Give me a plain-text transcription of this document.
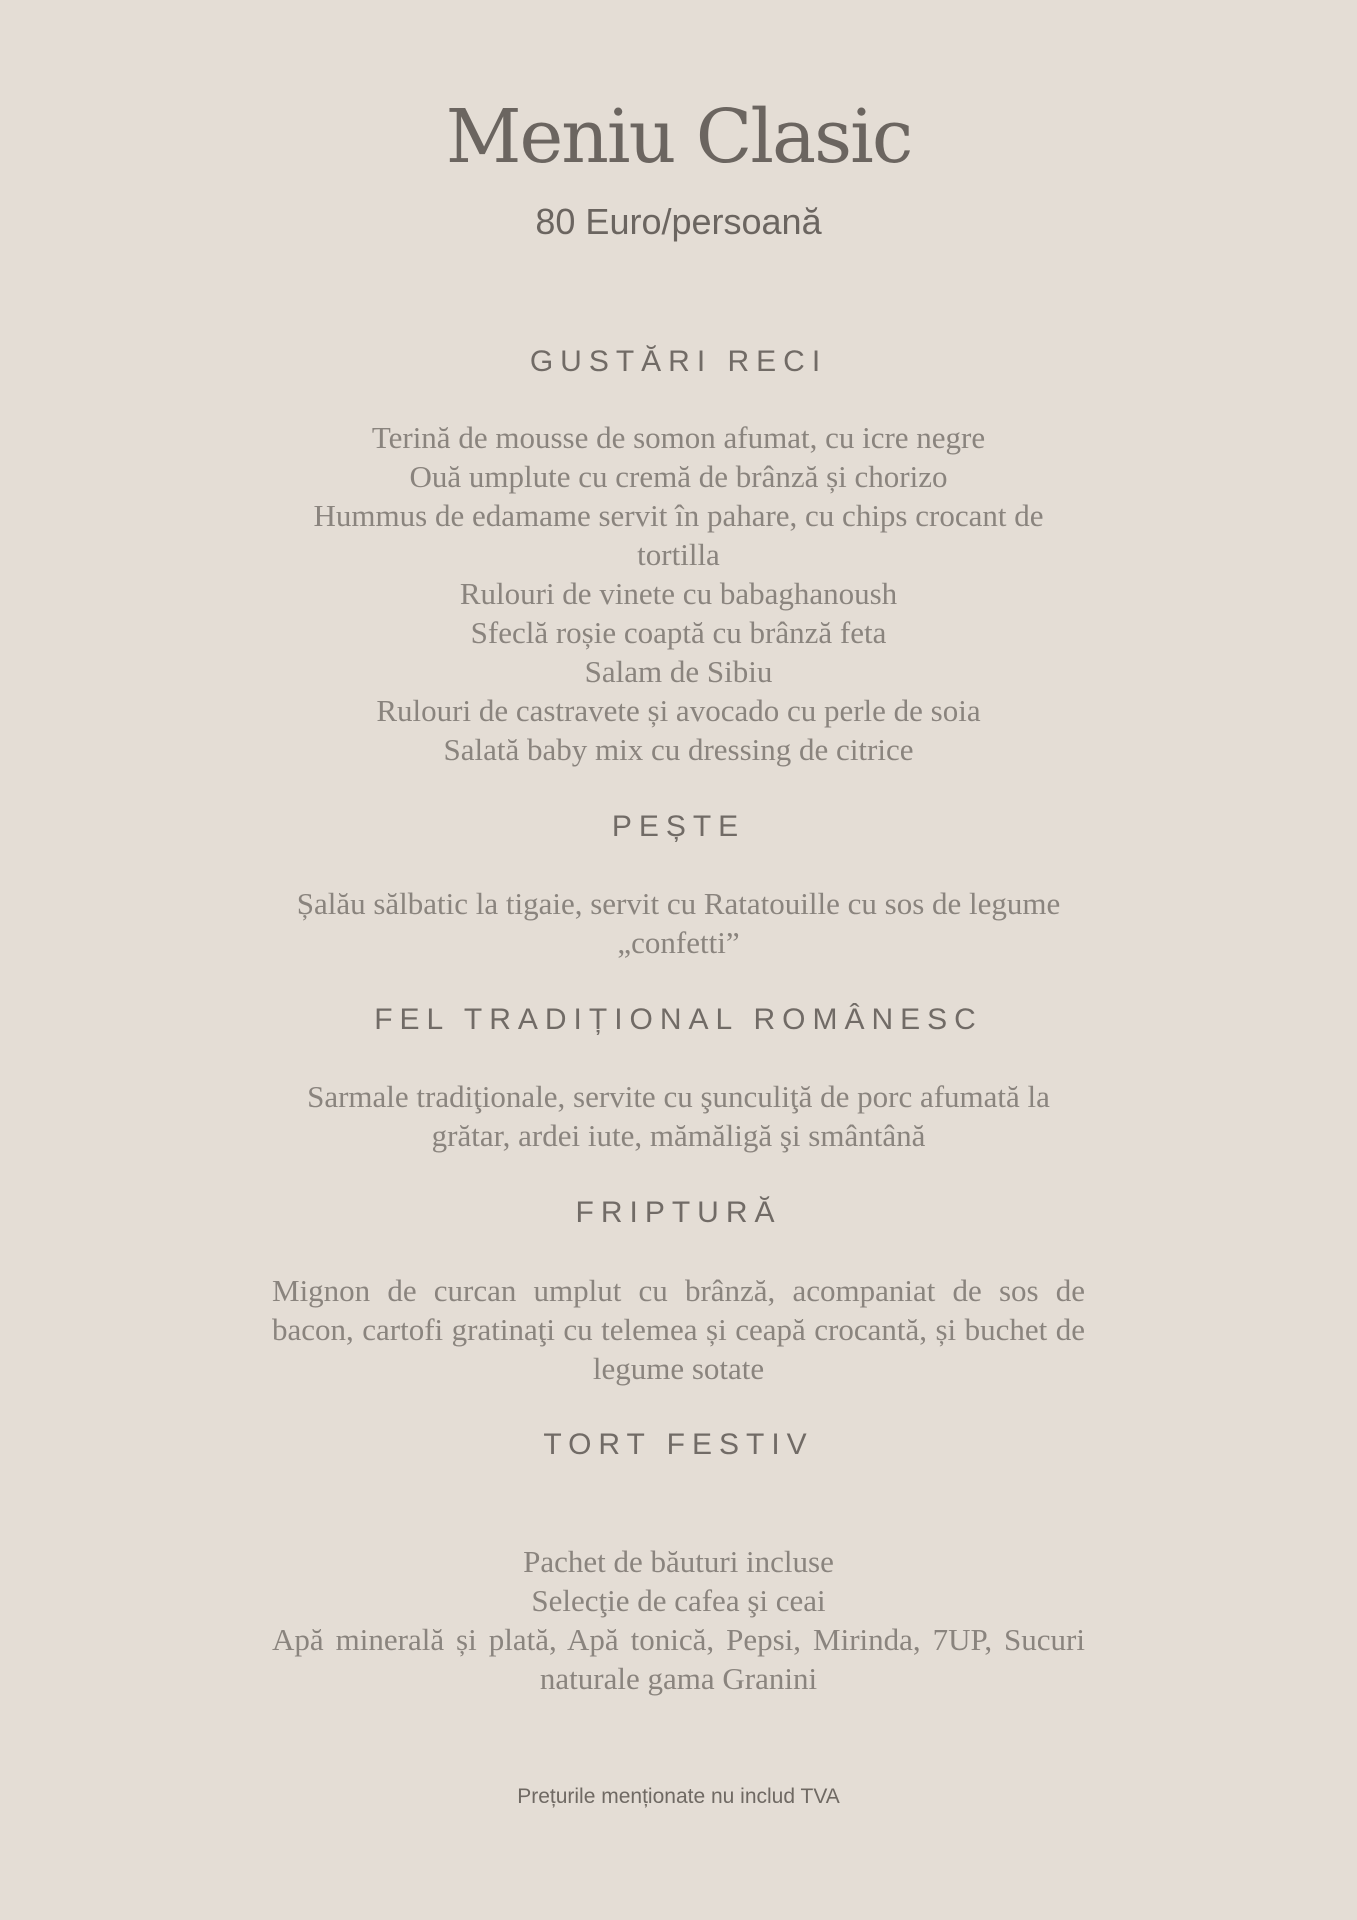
Meniu Clasic
80 Euro/persoană
GUSTĂRI RECI
Terină de mousse de somon afumat, cu icre negre
Ouă umplute cu cremă de brânză și chorizo
Hummus de edamame servit în pahare, cu chips crocant de tortilla
Rulouri de vinete cu babaghanoush
Sfeclă roșie coaptă cu brânză feta
Salam de Sibiu
Rulouri de castravete și avocado cu perle de soia
Salată baby mix cu dressing de citrice
PEȘTE
Șalău sălbatic la tigaie, servit cu Ratatouille cu sos de legume „confetti”
FEL TRADIȚIONAL ROMÂNESC
Sarmale tradiţionale, servite cu şunculiţă de porc afumată la grătar, ardei iute, mămăligă şi smântână
FRIPTURĂ
Mignon de curcan umplut cu brânză, acompaniat de sos de bacon, cartofi gratinaţi cu telemea și ceapă crocantă, și buchet de legume sotate
TORT FESTIV
Pachet de băuturi incluse
Selecţie de cafea şi ceai
Apă minerală și plată, Apă tonică, Pepsi, Mirinda, 7UP, Sucuri naturale gama Granini
Prețurile menționate nu includ TVA
